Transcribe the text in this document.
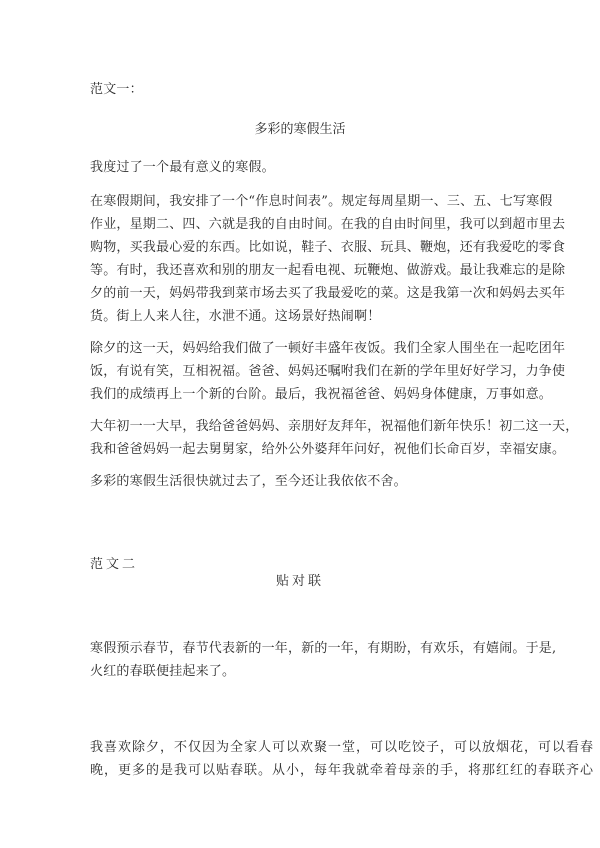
范文一：
多彩的寒假生活
我度过了一个最有意义的寒假。
在寒假期间，我安排了一个“作息时间表”。规定每周星期一、三、五、七写寒假
作业，星期二、四、六就是我的自由时间。在我的自由时间里，我可以到超市里去
购物，买我最心爱的东西。比如说，鞋子、衣服、玩具、鞭炮，还有我爱吃的零食
等。有时，我还喜欢和别的朋友一起看电视、玩鞭炮、做游戏。最让我难忘的是除
夕的前一天，妈妈带我到菜市场去买了我最爱吃的菜。这是我第一次和妈妈去买年
货。街上人来人往，水泄不通。这场景好热闹啊！
除夕的这一天，妈妈给我们做了一顿好丰盛年夜饭。我们全家人围坐在一起吃团年
饭，有说有笑，互相祝福。爸爸、妈妈还嘱咐我们在新的学年里好好学习，力争使
我们的成绩再上一个新的台阶。最后，我祝福爸爸、妈妈身体健康，万事如意。
大年初一一大早，我给爸爸妈妈、亲朋好友拜年，祝福他们新年快乐！初二这一天，
我和爸爸妈妈一起去舅舅家，给外公外婆拜年问好，祝他们长命百岁，幸福安康。
多彩的寒假生活很快就过去了，至今还让我依依不舍。
范文二
贴对联
寒假预示春节，春节代表新的一年，新的一年，有期盼，有欢乐，有嬉闹。于是,
火红的春联便挂起来了。
我喜欢除夕，不仅因为全家人可以欢聚一堂，可以吃饺子，可以放烟花，可以看春
晚，更多的是我可以贴春联。从小，每年我就牵着母亲的手，将那红红的春联齐心
